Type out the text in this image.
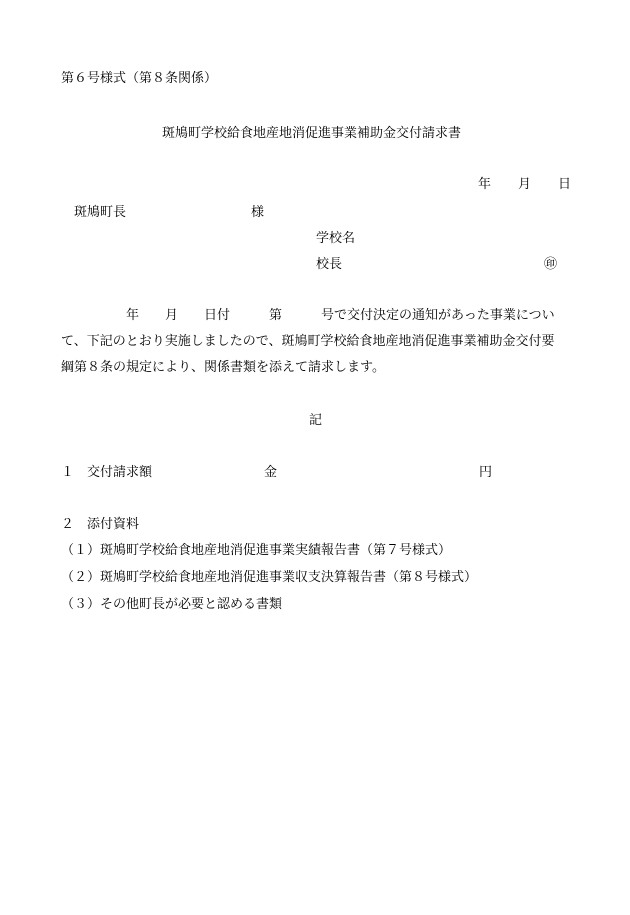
第６号様式（第８条関係）
斑鳩町学校給食地産地消促進事業補助金交付請求書
年 月 日
斑鳩町長	様
学校名
校長	㊞
　　　　　年　　月　　日付　　　第　　　号で交付決定の通知があった事業につい
て、下記のとおり実施しましたので、斑鳩町学校給食地産地消促進事業補助金交付要
綱第８条の規定により、関係書類を添えて請求します。
記
１　交付請求額	金	円
２　添付資料
（１）斑鳩町学校給食地産地消促進事業実績報告書（第７号様式）
（２）斑鳩町学校給食地産地消促進事業収支決算報告書（第８号様式）
（３）その他町長が必要と認める書類
